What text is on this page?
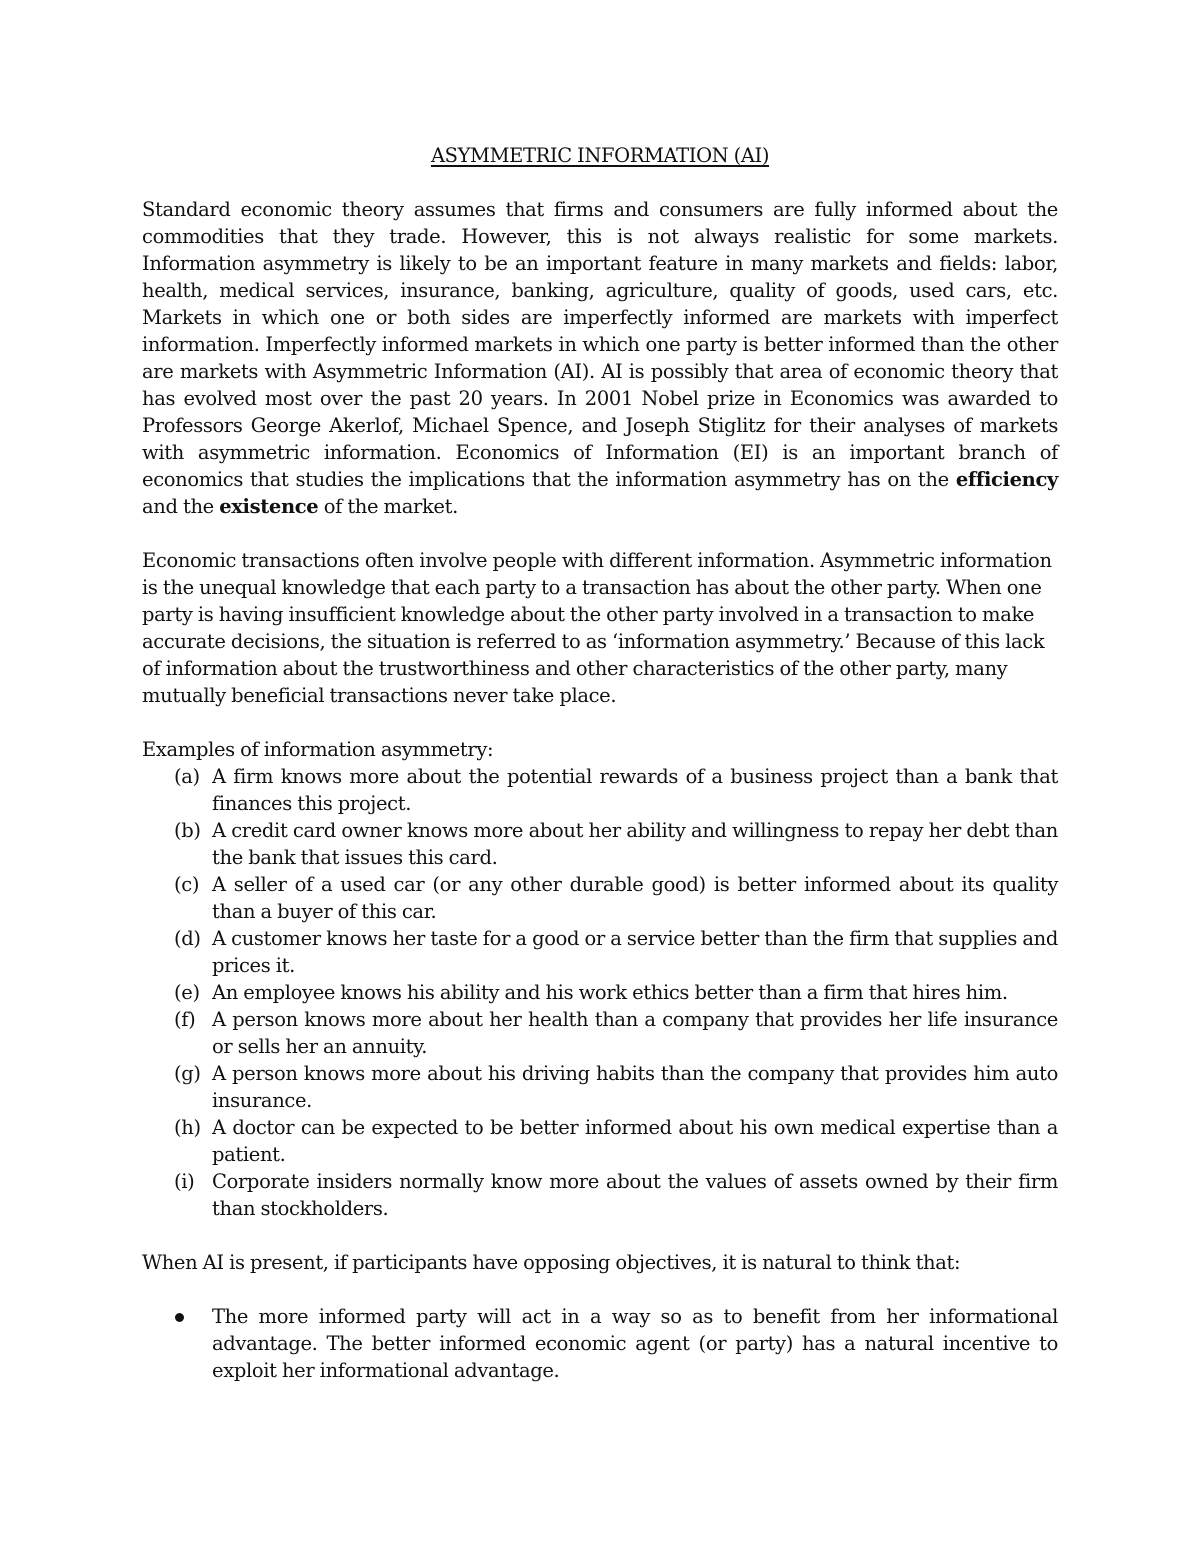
ASYMMETRIC INFORMATION (AI)

Standard economic theory assumes that firms and consumers are fully informed about the commodities that they trade. However, this is not always realistic for some markets. Information asymmetry is likely to be an important feature in many markets and fields: labor, health, medical services, insurance, banking, agriculture, quality of goods, used cars, etc. Markets in which one or both sides are imperfectly informed are markets with imperfect information. Imperfectly informed markets in which one party is better informed than the other are markets with Asymmetric Information (AI). AI is possibly that area of economic theory that has evolved most over the past 20 years. In 2001 Nobel prize in Economics was awarded to Professors George Akerlof, Michael Spence, and Joseph Stiglitz for their analyses of markets with asymmetric information. Economics of Information (EI) is an important branch of economics that studies the implications that the information asymmetry has on the efficiency and the existence of the market.

Economic transactions often involve people with different information. Asymmetric information is the unequal knowledge that each party to a transaction has about the other party. When one party is having insufficient knowledge about the other party involved in a transaction to make accurate decisions, the situation is referred to as ‘information asymmetry.’ Because of this lack of information about the trustworthiness and other characteristics of the other party, many mutually beneficial transactions never take place.

Examples of information asymmetry:

(a) A firm knows more about the potential rewards of a business project than a bank that finances this project.
(b) A credit card owner knows more about her ability and willingness to repay her debt than the bank that issues this card.
(c) A seller of a used car (or any other durable good) is better informed about its quality than a buyer of this car.
(d) A customer knows her taste for a good or a service better than the firm that supplies and prices it.
(e) An employee knows his ability and his work ethics better than a firm that hires him.
(f) A person knows more about her health than a company that provides her life insurance or sells her an annuity.
(g) A person knows more about his driving habits than the company that provides him auto insurance.
(h) A doctor can be expected to be better informed about his own medical expertise than a patient.
(i) Corporate insiders normally know more about the values of assets owned by their firm than stockholders.

When AI is present, if participants have opposing objectives, it is natural to think that:

The more informed party will act in a way so as to benefit from her informational advantage. The better informed economic agent (or party) has a natural incentive to exploit her informational advantage.
